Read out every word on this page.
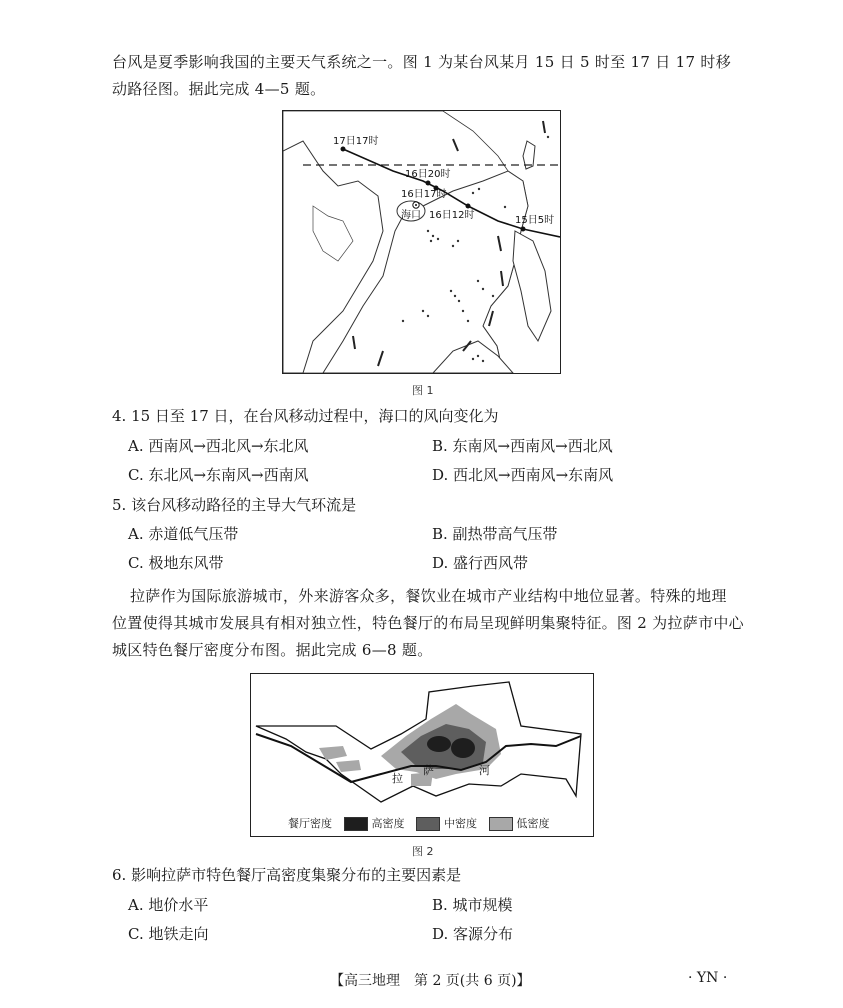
台风是夏季影响我国的主要天气系统之一。图 1 为某台风某月 15 日 5 时至 17 日 17 时移
动路径图。据此完成 4—5 题。
17日17时
16日20时
16日17时
海口 16日12时	15日5时
图 1
4. 15 日至 17 日，在台风移动过程中，海口的风向变化为
A. 西南风→西北风→东北风	B. 东南风→西南风→西北风
C. 东北风→东南风→西南风	D. 西北风→西南风→东南风
5. 该台风移动路径的主导大气环流是
A. 赤道低气压带	B. 副热带高气压带
C. 极地东风带	D. 盛行西风带
拉萨作为国际旅游城市，外来游客众多，餐饮业在城市产业结构中地位显著。特殊的地理
位置使得其城市发展具有相对独立性，特色餐厅的布局呈现鲜明集聚特征。图 2 为拉萨市中心
城区特色餐厅密度分布图。据此完成 6—8 题。
拉
萨	河
餐厅密度	高密度	中密度	低密度
图 2
6. 影响拉萨市特色餐厅高密度集聚分布的主要因素是
A. 地价水平	B. 城市规模
C. 地铁走向	D. 客源分布
【高三地理　第 2 页(共 6 页)】	· YN ·
